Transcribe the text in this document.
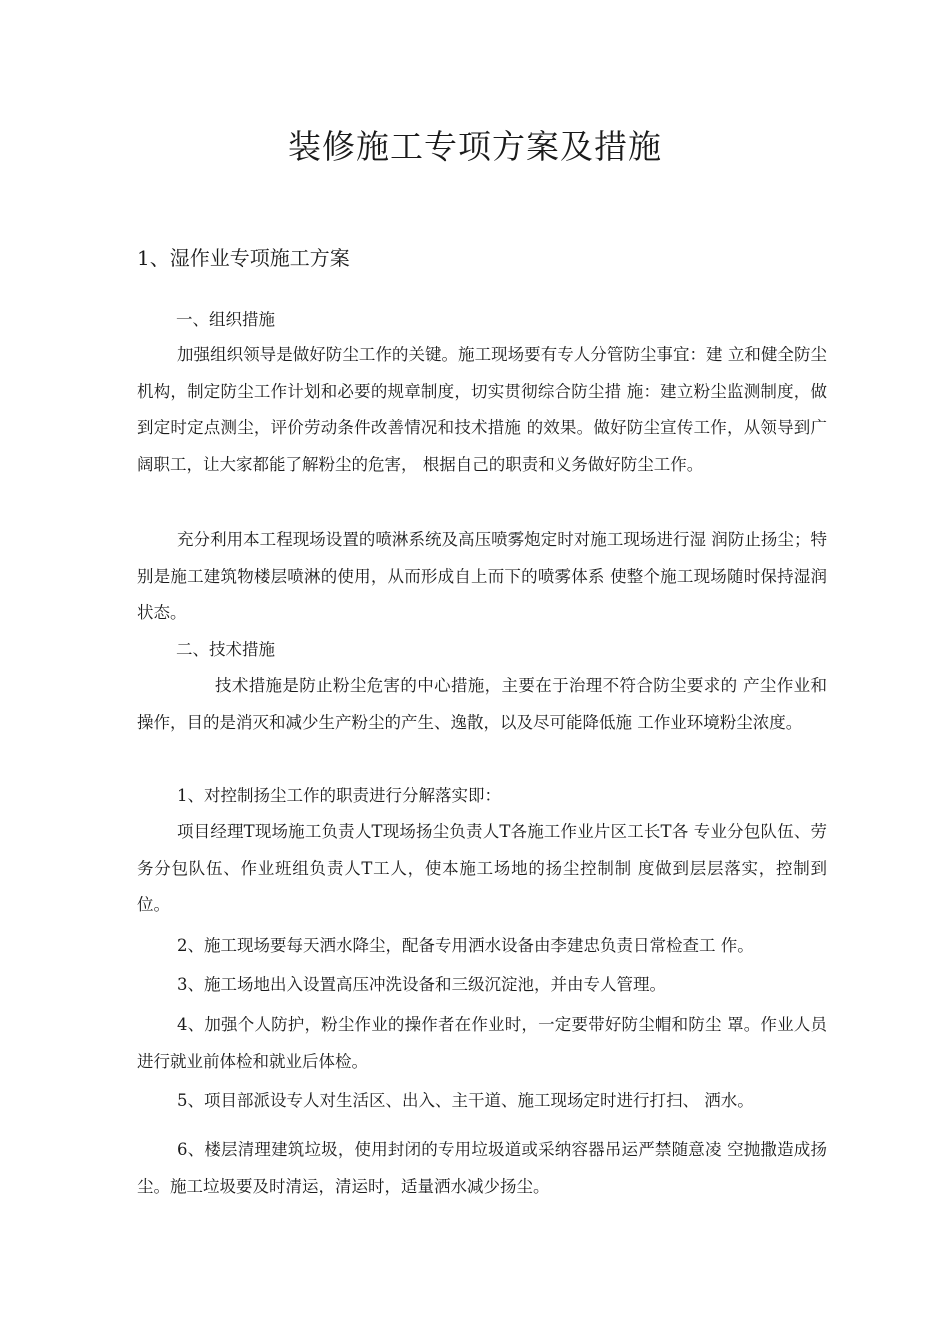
装修施工专项方案及措施
1、湿作业专项施工方案
一、组织措施
加强组织领导是做好防尘工作的关键。施工现场要有专人分管防尘事宜：建 立和健全防尘机构，制定防尘工作计划和必要的规章制度，切实贯彻综合防尘措 施：建立粉尘监测制度，做到定时定点测尘，评价劳动条件改善情况和技术措施 的效果。做好防尘宣传工作，从领导到广阔职工，让大家都能了解粉尘的危害， 根据自己的职责和义务做好防尘工作。
充分利用本工程现场设置的喷淋系统及高压喷雾炮定时对施工现场进行湿 润防止扬尘；特别是施工建筑物楼层喷淋的使用，从而形成自上而下的喷雾体系 使整个施工现场随时保持湿润状态。
二、技术措施
技术措施是防止粉尘危害的中心措施，主要在于治理不符合防尘要求的 产尘作业和操作，目的是消灭和减少生产粉尘的产生、逸散，以及尽可能降低施 工作业环境粉尘浓度。
1、对控制扬尘工作的职责进行分解落实即：
项目经理T现场施工负责人T现场扬尘负责人T各施工作业片区工长T各 专业分包队伍、劳务分包队伍、作业班组负责人T工人，使本施工场地的扬尘控制制 度做到层层落实，控制到位。
2、施工现场要每天洒水降尘，配备专用洒水设备由李建忠负责日常检查工 作。
3、施工场地出入设置高压冲洗设备和三级沉淀池，并由专人管理。
4、加强个人防护，粉尘作业的操作者在作业时，一定要带好防尘帽和防尘 罩。作业人员进行就业前体检和就业后体检。
5、项目部派设专人对生活区、出入、主干道、施工现场定时进行打扫、 洒水。
6、楼层清理建筑垃圾，使用封闭的专用垃圾道或采纳容器吊运严禁随意凌 空抛撒造成扬尘。施工垃圾要及时清运，清运时，适量洒水减少扬尘。
